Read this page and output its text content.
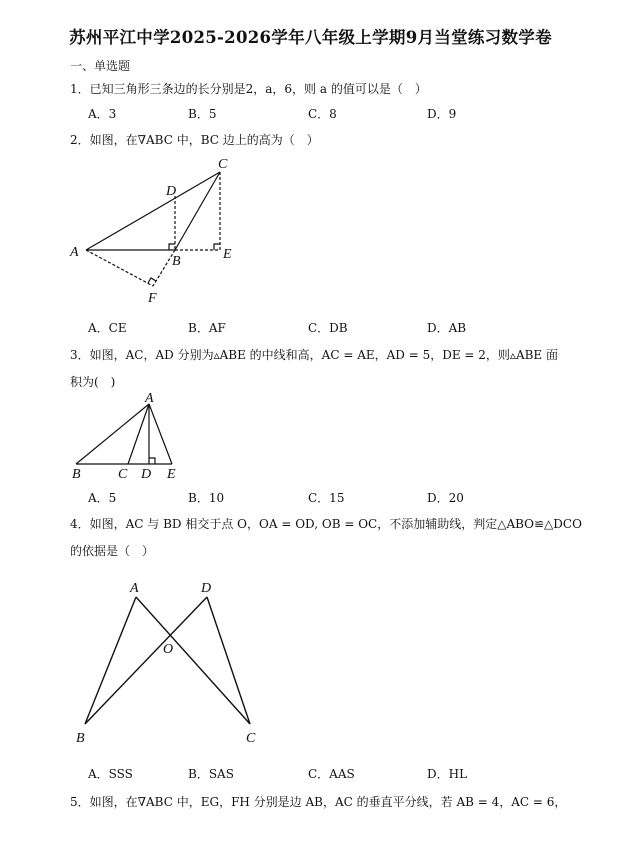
苏州平江中学2025-2026学年八年级上学期9月当堂练习数学卷
一、单选题
1．已知三角形三条边的长分别是2，a，6，则 a 的值可以是（　）
A．3	B．5	C．8	D．9
2．如图，在∇ABC 中，BC 边上的高为（　）
C
D
A
B	E
F
A．CE	B．AF	C．DB	D．AB
3．如图，AC，AD 分别为▵ABE 的中线和高，AC = AE，AD = 5，DE = 2，则▵ABE 面
积为(　)
A
B	C D E
A．5	B．10	C．15	D．20
4．如图，AC 与 BD 相交于点 O，OA = OD, OB = OC，不添加辅助线，判定△ABO≌△DCO
的依据是（　）
A	D
O
B	C
A．SSS	B．SAS	C．AAS	D．HL
5．如图，在∇ABC 中，EG，FH 分别是边 AB，AC 的垂直平分线，若 AB = 4，AC = 6，
